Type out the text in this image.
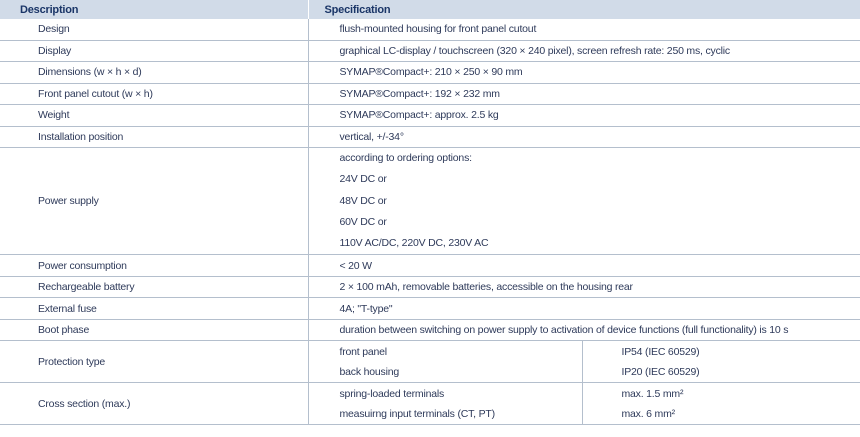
Description	Specification	
Design	flush-mounted housing for front panel cutout	
Display	graphical LC-display / touchscreen (320 × 240 pixel), screen refresh rate: 250 ms, cyclic	
Dimensions (w × h × d)	SYMAP®Compact+: 210 × 250 × 90 mm	
Front panel cutout (w × h)	SYMAP®Compact+: 192 × 232 mm	
Weight	SYMAP®Compact+: approx. 2.5 kg	
Installation position	vertical, +/-34°	
Power supply	according to ordering options:
24V DC or
48V DC or
60V DC or
110V AC/DC, 220V DC, 230V AC	

Power consumption	< 20 W	
Rechargeable battery	2 × 100 mAh, removable batteries, accessible on the housing rear	
External fuse	4A; "T-type"	
Boot phase	duration between switching on power supply to activation of device functions (full functionality) is 10 s	
Protection type	front panel	IP54 (IEC 60529)
	back housing	IP20 (IEC 60529)
Cross section (max.)	spring-loaded terminals	max. 1.5 mm²
	measuirng input terminals (CT, PT)	max. 6 mm²
